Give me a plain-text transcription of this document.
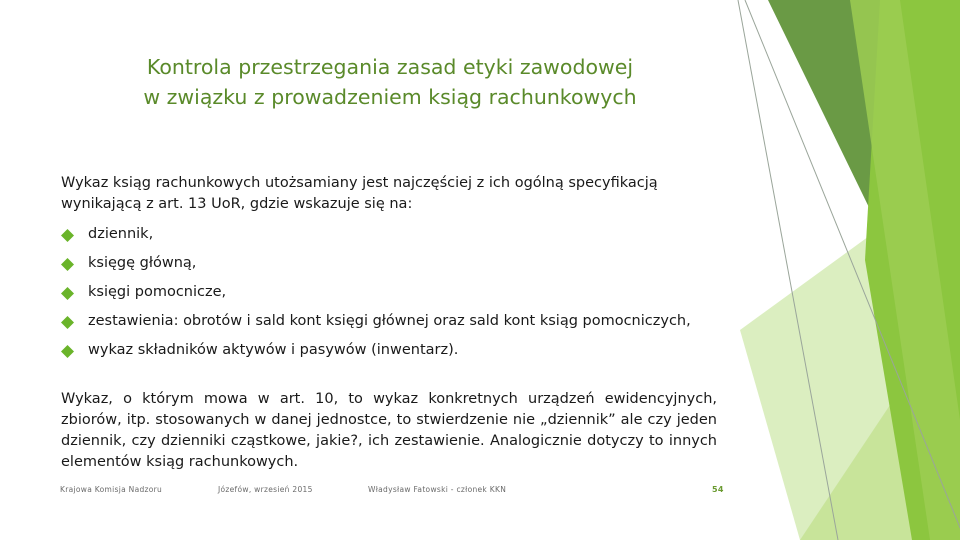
Kontrola przestrzegania zasad etyki zawodowej
w związku z prowadzeniem ksiąg rachunkowych
Wykaz ksiąg rachunkowych utożsamiany jest najczęściej z ich ogólną specyfikacją wynikającą z art. 13 UoR, gdzie wskazuje się na:
dziennik,
księgę główną,
księgi pomocnicze,
zestawienia: obrotów i sald kont księgi głównej oraz sald kont ksiąg pomocniczych,
wykaz składników aktywów i pasywów (inwentarz).
Wykaz, o którym mowa w art. 10, to wykaz konkretnych urządzeń ewidencyjnych, zbiorów, itp. stosowanych w danej jednostce, to stwierdzenie nie „dziennik” ale czy jeden dziennik, czy dzienniki cząstkowe, jakie?, ich zestawienie. Analogicznie dotyczy to innych elementów ksiąg rachunkowych.
Krajowa Komisja Nadzoru	Józefów, wrzesień 2015	Władysław Fatowski - członek KKN	54
